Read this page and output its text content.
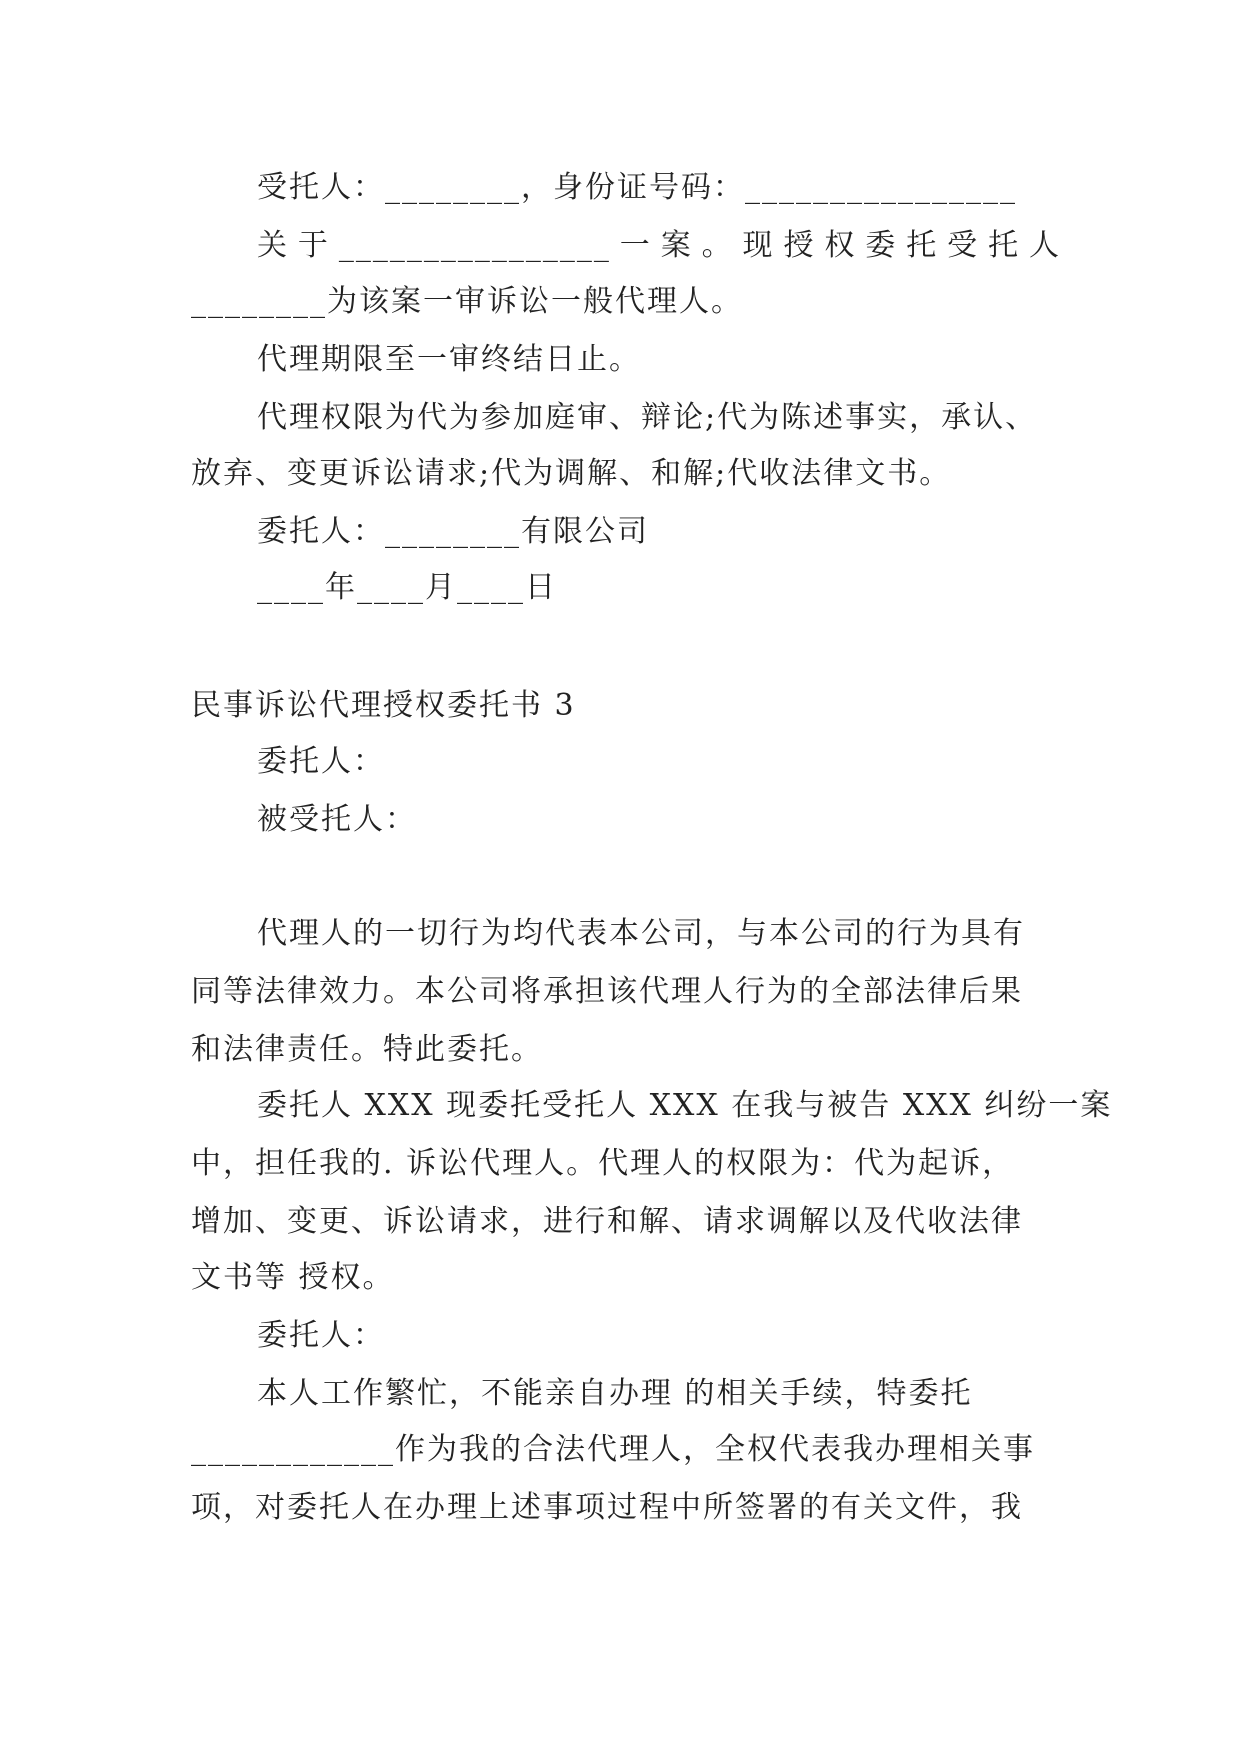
受托人：________，身份证号码：________________
关于________________一案。现授权委托受托人
________为该案一审诉讼一般代理人。
代理期限至一审终结日止。
代理权限为代为参加庭审、辩论;代为陈述事实，承认、
放弃、变更诉讼请求;代为调解、和解;代收法律文书。
委托人：________有限公司
____年____月____日
民事诉讼代理授权委托书 3
委托人：
被受托人：
代理人的一切行为均代表本公司，与本公司的行为具有
同等法律效力。本公司将承担该代理人行为的全部法律后果
和法律责任。特此委托。
委托人 XXX 现委托受托人 XXX 在我与被告 XXX 纠纷一案
中，担任我的. 诉讼代理人。代理人的权限为：代为起诉，
增加、变更、诉讼请求，进行和解、请求调解以及代收法律
文书等 授权。
委托人：
本人工作繁忙，不能亲自办理 的相关手续，特委托
____________作为我的合法代理人，全权代表我办理相关事
项，对委托人在办理上述事项过程中所签署的有关文件，我
